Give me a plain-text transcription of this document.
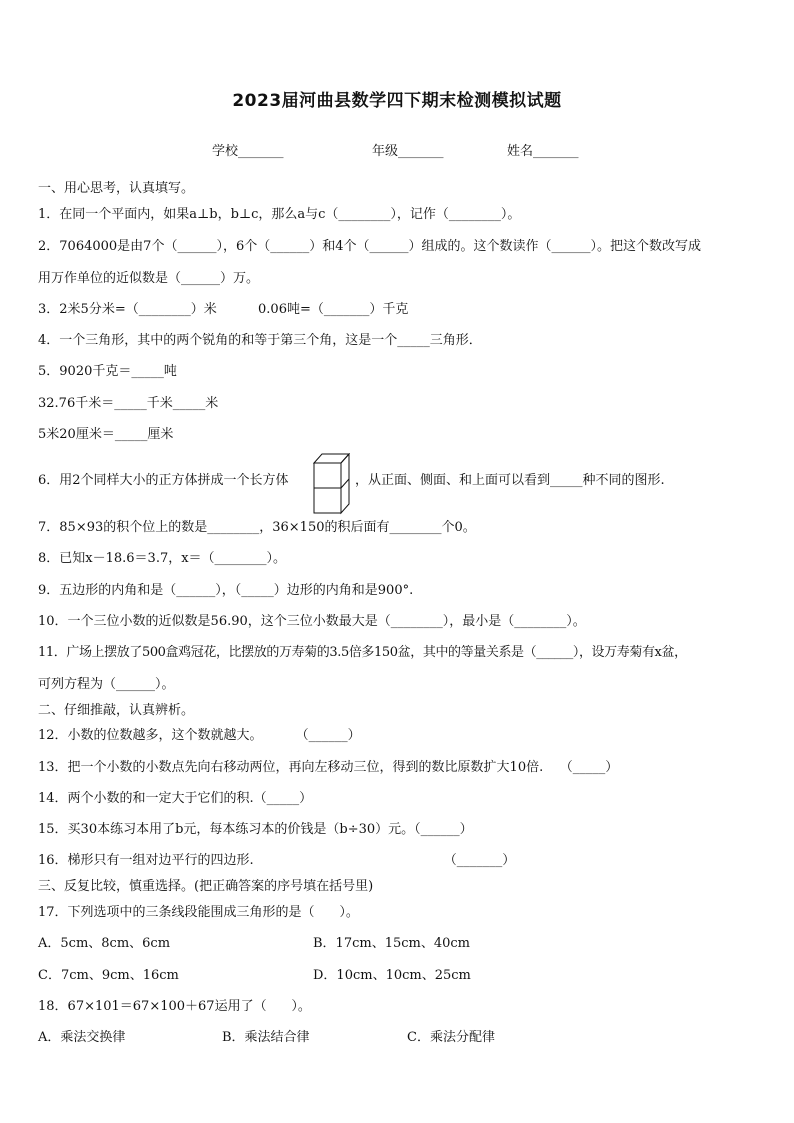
2023届河曲县数学四下期末检测模拟试题
学校_______	年级_______	姓名_______
一、用心思考，认真填写。
1．在同一个平面内，如果a⊥b，b⊥c，那么a与c（________），记作（________）。
2．7064000是由7个（______），6个（______）和4个（______）组成的。这个数读作（______）。把这个数改写成
用万作单位的近似数是（______）万。
3．2米5分米=（________）米          0.06吨=（_______）千克
4．一个三角形，其中的两个锐角的和等于第三个角，这是一个_____三角形．
5．9020千克＝_____吨
32.76千米＝_____千米_____米
5米20厘米＝_____厘米
6．用2个同样大小的正方体拼成一个长方体	，从正面、侧面、和上面可以看到_____种不同的图形.
7．85×93的积个位上的数是________，36×150的积后面有________个0。
8．已知x－18.6＝3.7，x＝（________）。
9．五边形的内角和是（______），（_____）边形的内角和是900°.
10．一个三位小数的近似数是56.90，这个三位小数最大是（________），最小是（________）。
11．广场上摆放了500盒鸡冠花，比摆放的万寿菊的3.5倍多150盆，其中的等量关系是（______），设万寿菊有x盆，
可列方程为（______）。
二、仔细推敲，认真辨析。
12．小数的位数越多，这个数就越大。        （______）
13．把一个小数的小数点先向右移动两位，再向左移动三位，得到的数比原数扩大10倍.    （_____）
14．两个小数的和一定大于它们的积.（_____）
15．买30本练习本用了b元，每本练习本的价钱是（b÷30）元。（______）
16．梯形只有一组对边平行的四边形.                                              （_______）
三、反复比较，慎重选择。(把正确答案的序号填在括号里)
17．下列选项中的三条线段能围成三角形的是（      ）。
A．5cm、8cm、6cm	B．17cm、15cm、40cm
C．7cm、9cm、16cm	D．10cm、10cm、25cm
18．67×101＝67×100＋67运用了（      ）。
A．乘法交换律	B．乘法结合律	C．乘法分配律
